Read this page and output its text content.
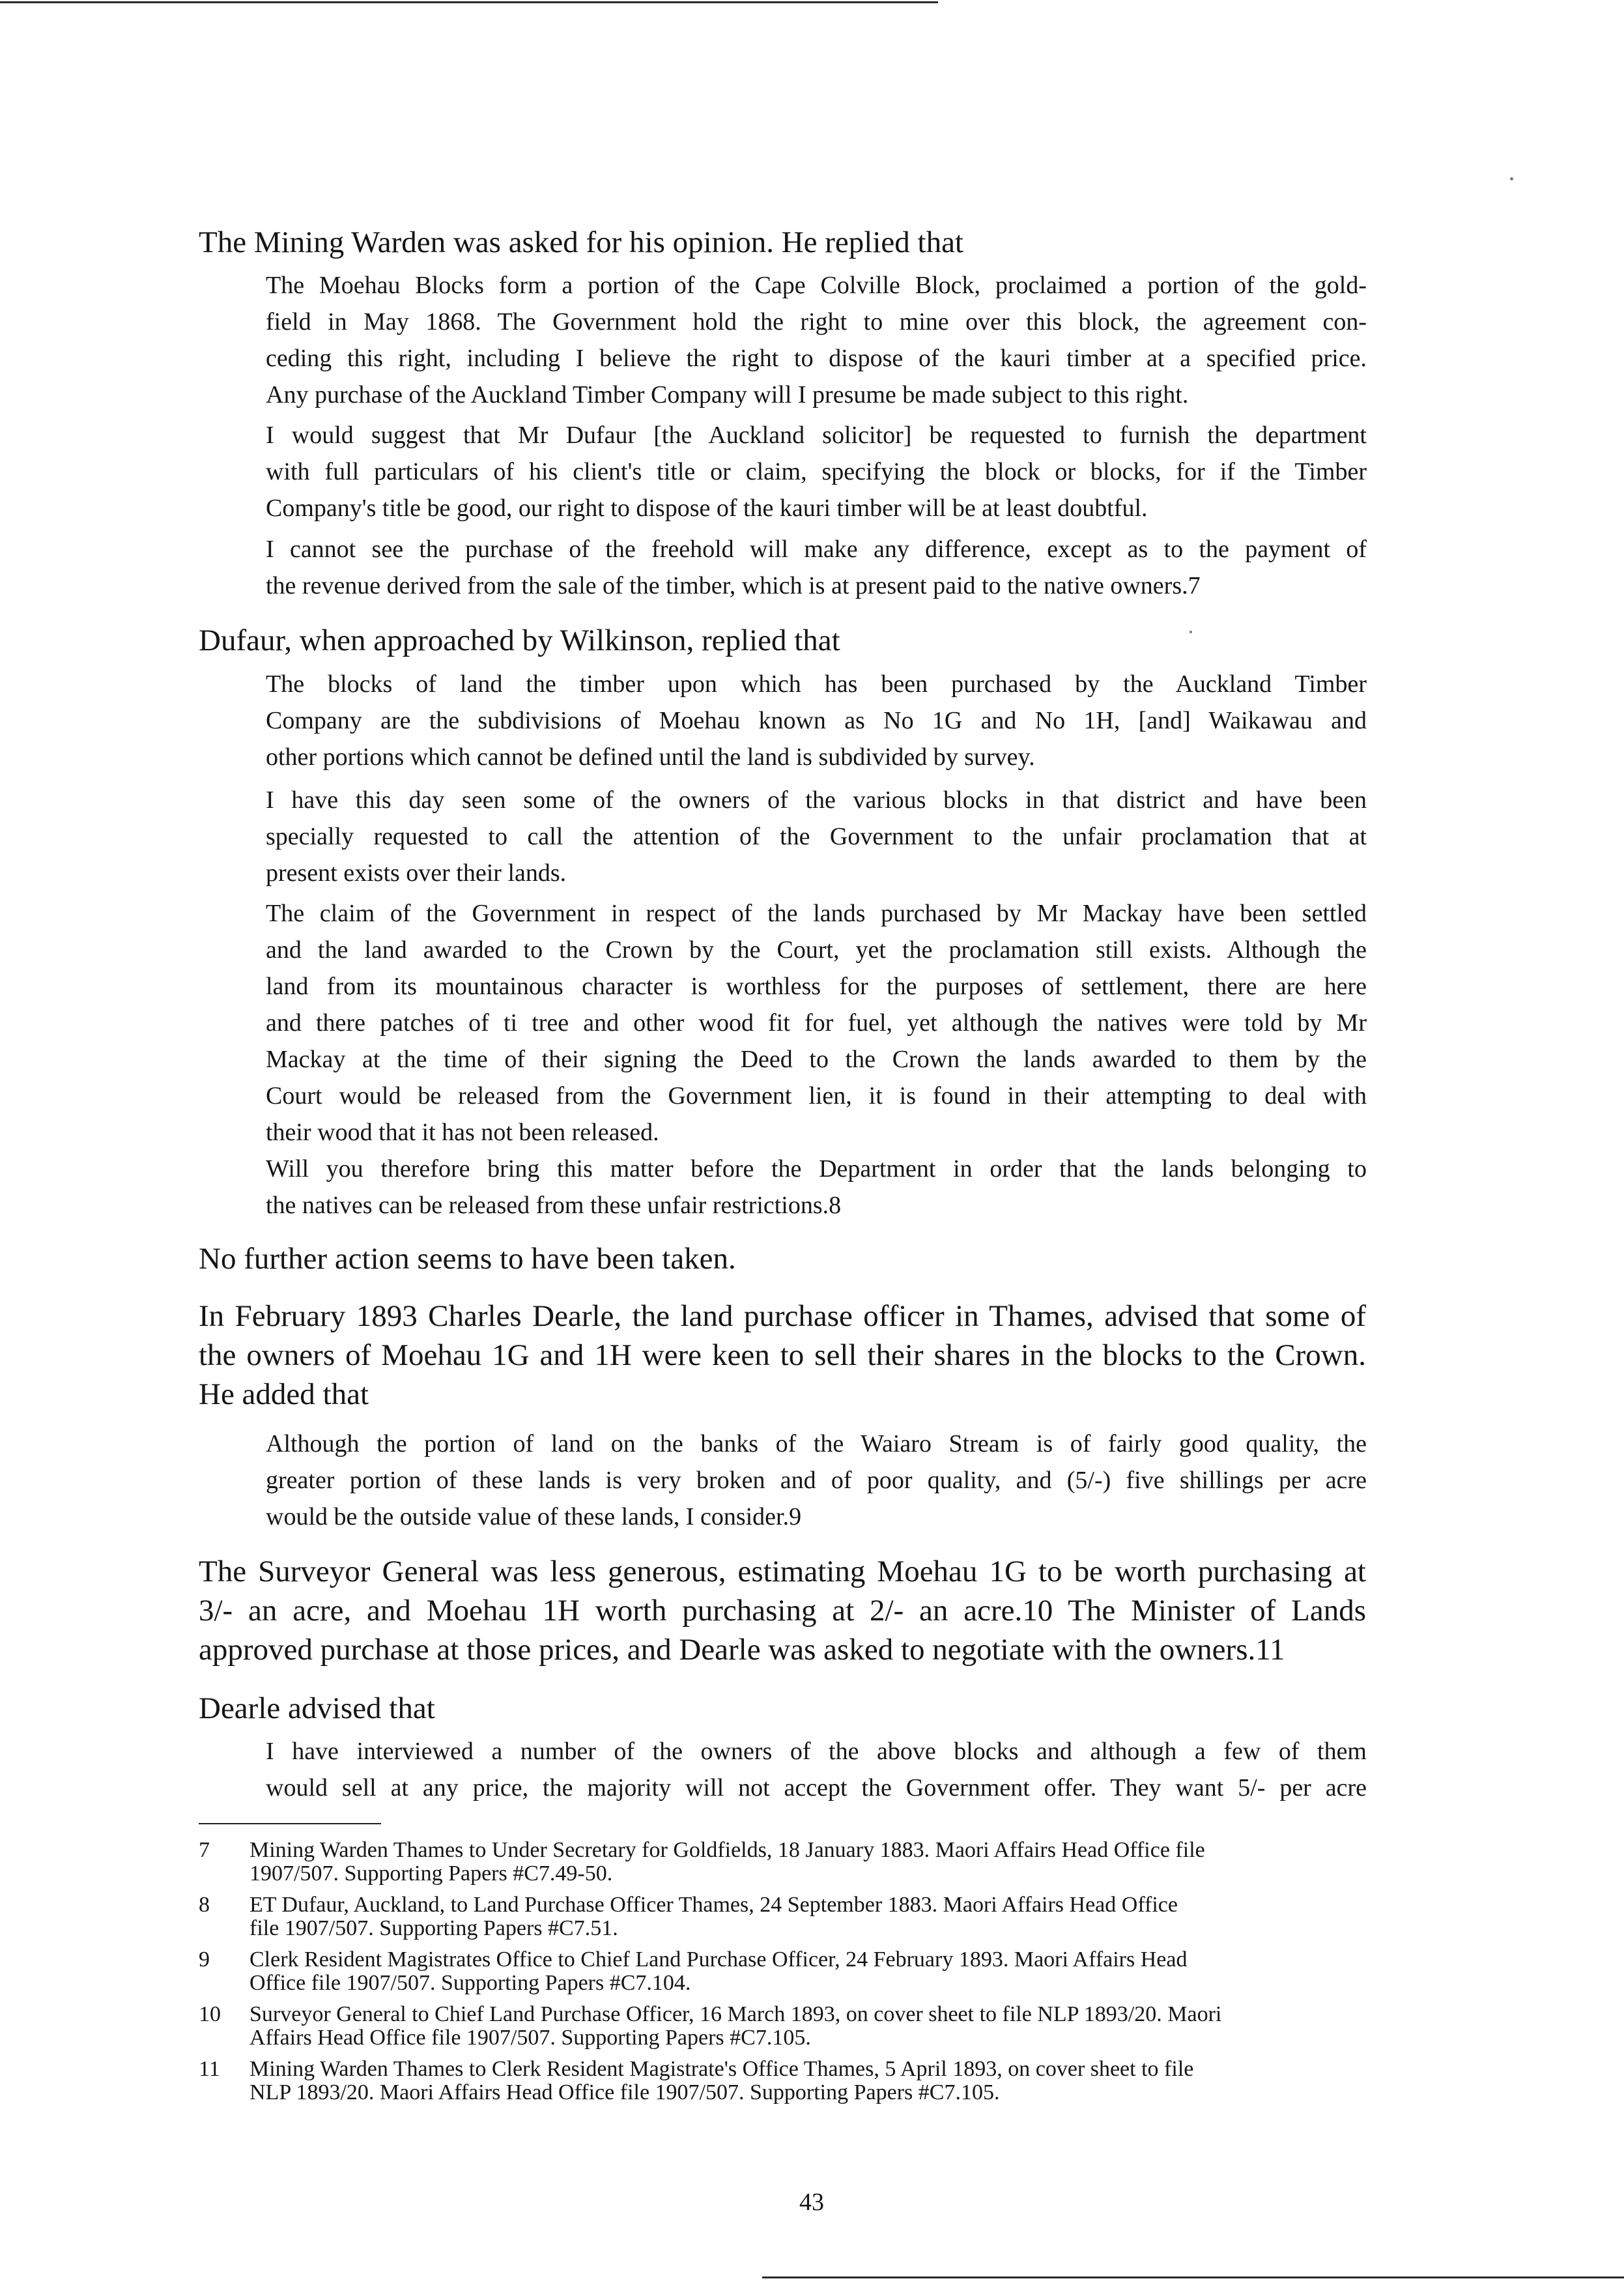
The Mining Warden was asked for his opinion. He replied that

The Moehau Blocks form a portion of the Cape Colville Block, proclaimed a portion of the gold-
field in May 1868. The Government hold the right to mine over this block, the agreement con-
ceding this right, including I believe the right to dispose of the kauri timber at a specified price.
Any purchase of the Auckland Timber Company will I presume be made subject to this right.
I would suggest that Mr Dufaur [the Auckland solicitor] be requested to furnish the department
with full particulars of his client's title or claim, specifying the block or blocks, for if the Timber
Company's title be good, our right to dispose of the kauri timber will be at least doubtful.
I cannot see the purchase of the freehold will make any difference, except as to the payment of
the revenue derived from the sale of the timber, which is at present paid to the native owners.7

Dufaur, when approached by Wilkinson, replied that

The blocks of land the timber upon which has been purchased by the Auckland Timber
Company are the subdivisions of Moehau known as No 1G and No 1H, [and] Waikawau and
other portions which cannot be defined until the land is subdivided by survey.
I have this day seen some of the owners of the various blocks in that district and have been
specially requested to call the attention of the Government to the unfair proclamation that at
present exists over their lands.
The claim of the Government in respect of the lands purchased by Mr Mackay have been settled
and the land awarded to the Crown by the Court, yet the proclamation still exists. Although the
land from its mountainous character is worthless for the purposes of settlement, there are here
and there patches of ti tree and other wood fit for fuel, yet although the natives were told by Mr
Mackay at the time of their signing the Deed to the Crown the lands awarded to them by the
Court would be released from the Government lien, it is found in their attempting to deal with
their wood that it has not been released.
Will you therefore bring this matter before the Department in order that the lands belonging to
the natives can be released from these unfair restrictions.8

No further action seems to have been taken.

In February 1893 Charles Dearle, the land purchase officer in Thames, advised that some of
the owners of Moehau 1G and 1H were keen to sell their shares in the blocks to the Crown.
He added that
Although the portion of land on the banks of the Waiaro Stream is of fairly good quality, the
greater portion of these lands is very broken and of poor quality, and (5/-) five shillings per acre
would be the outside value of these lands, I consider.9
The Surveyor General was less generous, estimating Moehau 1G to be worth purchasing at
3/- an acre, and Moehau 1H worth purchasing at 2/- an acre.10 The Minister of Lands
approved purchase at those prices, and Dearle was asked to negotiate with the owners.11

Dearle advised that

I have interviewed a number of the owners of the above blocks and although a few of them
would sell at any price, the majority will not accept the Government offer. They want 5/- per acre
7	Mining Warden Thames to Under Secretary for Goldfields, 18 January 1883. Maori Affairs Head Office file
1907/507. Supporting Papers #C7.49-50.
8	ET Dufaur, Auckland, to Land Purchase Officer Thames, 24 September 1883. Maori Affairs Head Office
file 1907/507. Supporting Papers #C7.51.
9	Clerk Resident Magistrates Office to Chief Land Purchase Officer, 24 February 1893. Maori Affairs Head
Office file 1907/507. Supporting Papers #C7.104.
10	Surveyor General to Chief Land Purchase Officer, 16 March 1893, on cover sheet to file NLP 1893/20. Maori
Affairs Head Office file 1907/507. Supporting Papers #C7.105.
11	Mining Warden Thames to Clerk Resident Magistrate's Office Thames, 5 April 1893, on cover sheet to file
NLP 1893/20. Maori Affairs Head Office file 1907/507. Supporting Papers #C7.105.
43
